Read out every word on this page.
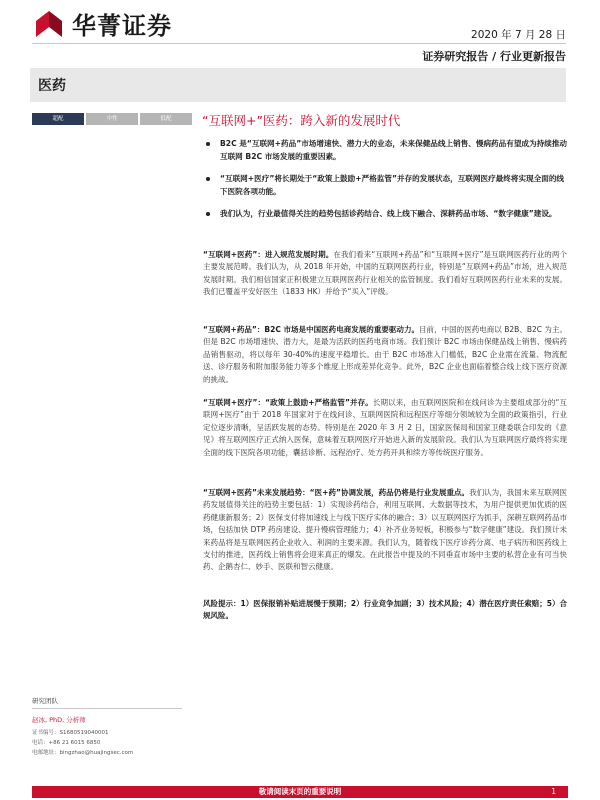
华菁证券	2020 年 7 月 28 日
证券研究报告 / 行业更新报告
医药
超配	中性	低配	“互联网+”医药：跨入新的发展时代
B2C 是“互联网+药品”市场增速快、潜力大的业态，未来保健品线上销售、慢病药品有望成为持续推动互联网 B2C 市场发展的重要因素。
“互联网+医疗”将长期处于“政策上鼓励+严格监管”并存的发展状态，互联网医疗最终将实现全面的线下医院各项功能。
我们认为，行业最值得关注的趋势包括诊药结合、线上线下融合、深耕药品市场、“数字健康”建设。

“互联网+医药”：进入规范发展时期。在我们看来“互联网+药品”和“互联网+医疗”是互联网医药行业的两个主要发展范畴。我们认为，从 2018 年开始，中国的互联网医药行业，特别是“互联网+药品”市场，进入规范发展时期。我们相信国家正积极建立互联网医药行业相关的监管制度。我们看好互联网医药行业未来的发展。我们已覆盖平安好医生（1833 HK）并给予“买入”评级。

“互联网+药品”：B2C 市场是中国医药电商发展的重要驱动力。目前，中国的医药电商以 B2B、B2C 为主。但是 B2C 市场增速快、潜力大，是最为活跃的医药电商市场。我们预计 B2C 市场由保健品线上销售、慢病药品销售驱动，将以每年 30-40%的速度平稳增长。由于 B2C 市场准入门槛低，B2C 企业需在流量、物流配送、诊疗服务和附加服务能力等多个维度上形成差异化竞争。此外，B2C 企业也面临着整合线上线下医疗资源的挑战。

“互联网+医疗”：“政策上鼓励+严格监管”并存。长期以来，由互联网医院和在线问诊为主要组成部分的“互联网+医疗”由于 2018 年国家对于在线问诊、互联网医院和远程医疗等细分领域较为全面的政策指引，行业定位逐步清晰，呈活跃发展的态势。特别是在 2020 年 3 月 2 日，国家医保局和国家卫健委联合印发的《意见》将互联网医疗正式纳入医保，意味着互联网医疗开始进入新的发展阶段。我们认为互联网医疗最终将实现全面的线下医院各项功能，囊括诊断、远程治疗、处方药开具和续方等传统医疗服务。

“互联网+医药”未来发展趋势：“医+药”协调发展，药品仍将是行业发展重点。我们认为，我国未来互联网医药发展值得关注的趋势主要包括：1）实现诊药结合，利用互联网、大数据等技术，为用户提供更加优质的医药健康新服务；2）医保支付将加速线上与线下医疗实体的融合；3）以互联网医疗为抓手，深耕互联网药品市场，包括加快 DTP 药房建设、提升慢病管理能力；4）补齐业务短板，积极参与“数字健康”建设。我们预计未来药品将是互联网医药企业收入、利润的主要来源。我们认为，随着线下医疗诊药分离、电子病历和医药线上支付的推进，医药线上销售将会迎来真正的爆发。在此报告中提及的不同垂直市场中主要的私营企业有可当快药、企鹅杏仁、妙手、医联和智云健康。

风险提示：1）医保报销补贴进展慢于预期；2）行业竞争加剧；3）技术风险；4）潜在医疗责任索赔；5）合规风险。

研究团队
赵冰, PhD, 分析师
证书编号：S1680519040001
电话：+86 21 6015 6850
电邮地址：bingzhao@huajingsec.com
敬请阅读末页的重要说明	1
